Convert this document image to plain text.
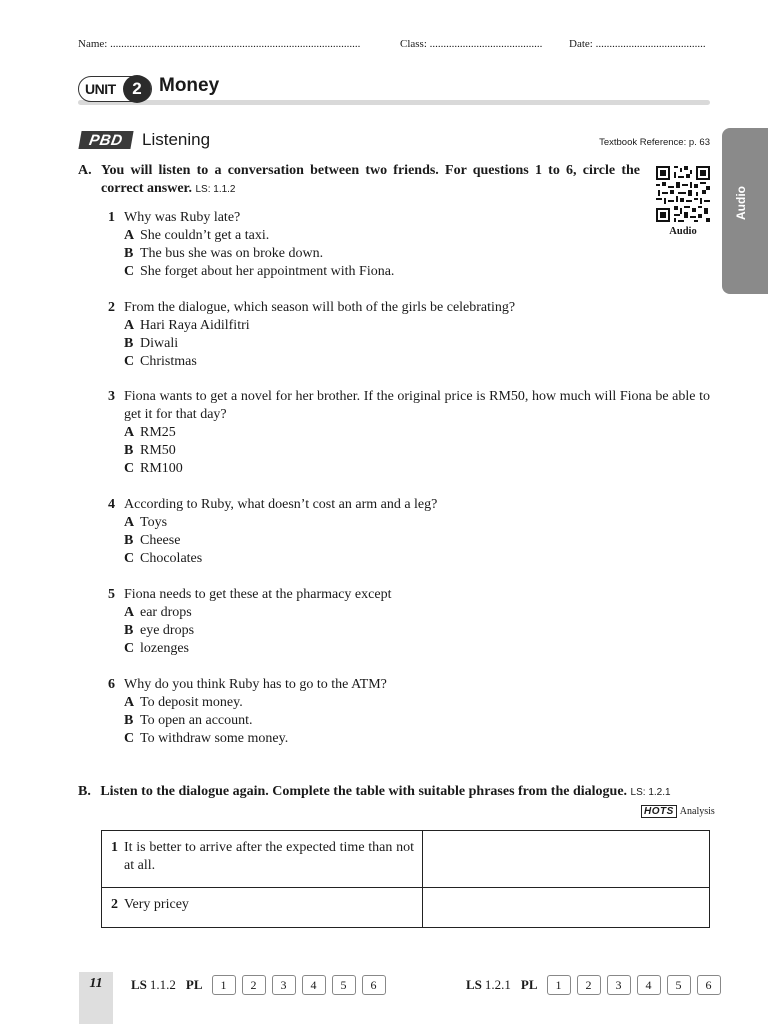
Name: ...........................................................................................	Class: ......................................... Date: ........................................
UNIT 2 Money
PBD Listening	Textbook Reference: p. 63
Audio
Audio
A. You will listen to a conversation between two friends. For questions 1 to 6, circle the correct answer. LS: 1.1.2
1 Why was Ruby late?
A She couldn’t get a taxi.
B The bus she was on broke down.
C She forget about her appointment with Fiona.
2 From the dialogue, which season will both of the girls be celebrating?
A Hari Raya Aidilfitri
B Diwali
C Christmas
3 Fiona wants to get a novel for her brother. If the original price is RM50, how much will Fiona be able to get it for that day?
A RM25
B RM50
C RM100
4 According to Ruby, what doesn’t cost an arm and a leg?
A Toys
B Cheese
C Chocolates
5 Fiona needs to get these at the pharmacy except
A ear drops
B eye drops
C lozenges
6 Why do you think Ruby has to go to the ATM?
A To deposit money.
B To open an account.
C To withdraw some money.
B. Listen to the dialogue again. Complete the table with suitable phrases from the dialogue. LS: 1.2.1
HOTS Analysis
1 It is better to arrive after the expected time than not at all.	

2 Very pricey	

11	LS 1.1.2 PL	1	2	3	4	5	6	LS 1.2.1 PL	1	2	3	4	5	6
